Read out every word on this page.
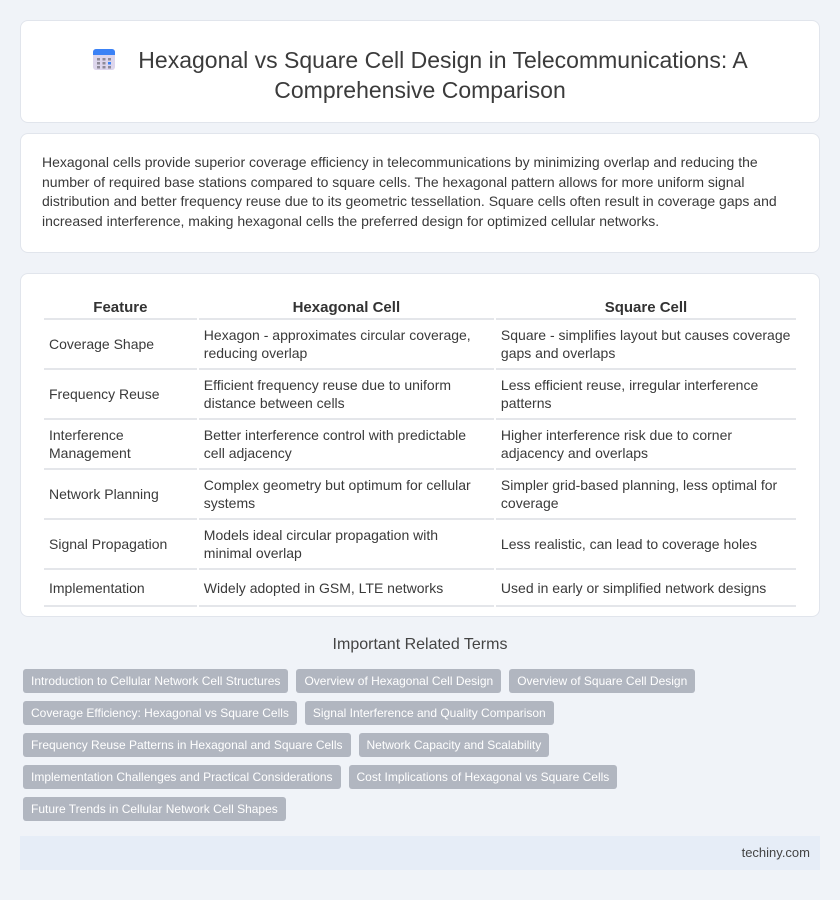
Hexagonal vs Square Cell Design in Telecommunications: A Comprehensive Comparison

Hexagonal cells provide superior coverage efficiency in telecommunications by minimizing overlap and reducing the number of required base stations compared to square cells. The hexagonal pattern allows for more uniform signal distribution and better frequency reuse due to its geometric tessellation. Square cells often result in coverage gaps and increased interference, making hexagonal cells the preferred design for optimized cellular networks.

Feature	Hexagonal Cell	Square Cell
Coverage Shape	Hexagon - approximates circular coverage, reducing overlap	Square - simplifies layout but causes coverage gaps and overlaps
Frequency Reuse	Efficient frequency reuse due to uniform distance between cells	Less efficient reuse, irregular interference patterns
Interference Management	Better interference control with predictable cell adjacency	Higher interference risk due to corner adjacency and overlaps
Network Planning	Complex geometry but optimum for cellular systems	Simpler grid-based planning, less optimal for coverage
Signal Propagation	Models ideal circular propagation with minimal overlap	Less realistic, can lead to coverage holes
Implementation	Widely adopted in GSM, LTE networks	Used in early or simplified network designs
Important Related Terms
Introduction to Cellular Network Cell Structures	Overview of Hexagonal Cell Design	Overview of Square Cell Design
Coverage Efficiency: Hexagonal vs Square Cells	Signal Interference and Quality Comparison
Frequency Reuse Patterns in Hexagonal and Square Cells	Network Capacity and Scalability
Implementation Challenges and Practical Considerations	Cost Implications of Hexagonal vs Square Cells
Future Trends in Cellular Network Cell Shapes
techiny.com
